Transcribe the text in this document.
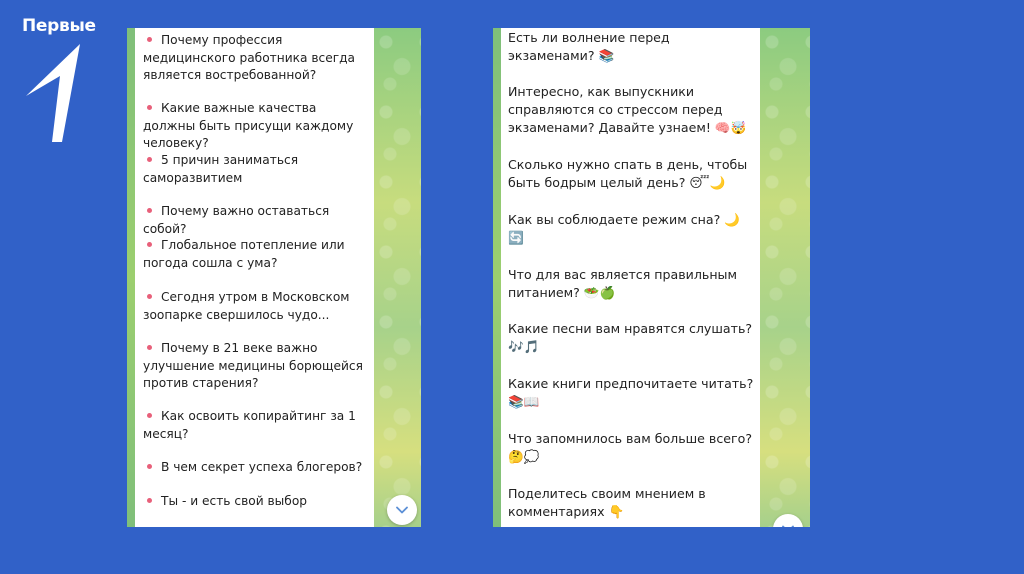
Первые
Почему профессия медицинского работника всегда является востребованной?
Какие важные качества должны быть присущи каждому человеку?
5 причин заниматься саморазвитием
Почему важно оставаться собой?
Глобальное потепление или погода сошла с ума?
Сегодня утром в Московском зоопарке свершилось чудо...
Почему в 21 веке важно улучшение медицины борющейся против старения?
Как освоить копирайтинг за 1 месяц?
В чем секрет успеха блогеров?
Ты - и есть свой выбор
Есть ли волнение перед экзаменами? 📚
Интересно, как выпускники справляются со стрессом перед экзаменами? Давайте узнаем! 🧠🤯
Сколько нужно спать в день, чтобы быть бодрым целый день? 😴🌙
Как вы соблюдаете режим сна? 🌙🔄
Что для вас является правильным питанием? 🥗🍏
Какие песни вам нравятся слушать? 🎶🎵
Какие книги предпочитаете читать? 📚📖
Что запомнилось вам больше всего? 🤔💭
Поделитесь своим мнением в комментариях 👇
